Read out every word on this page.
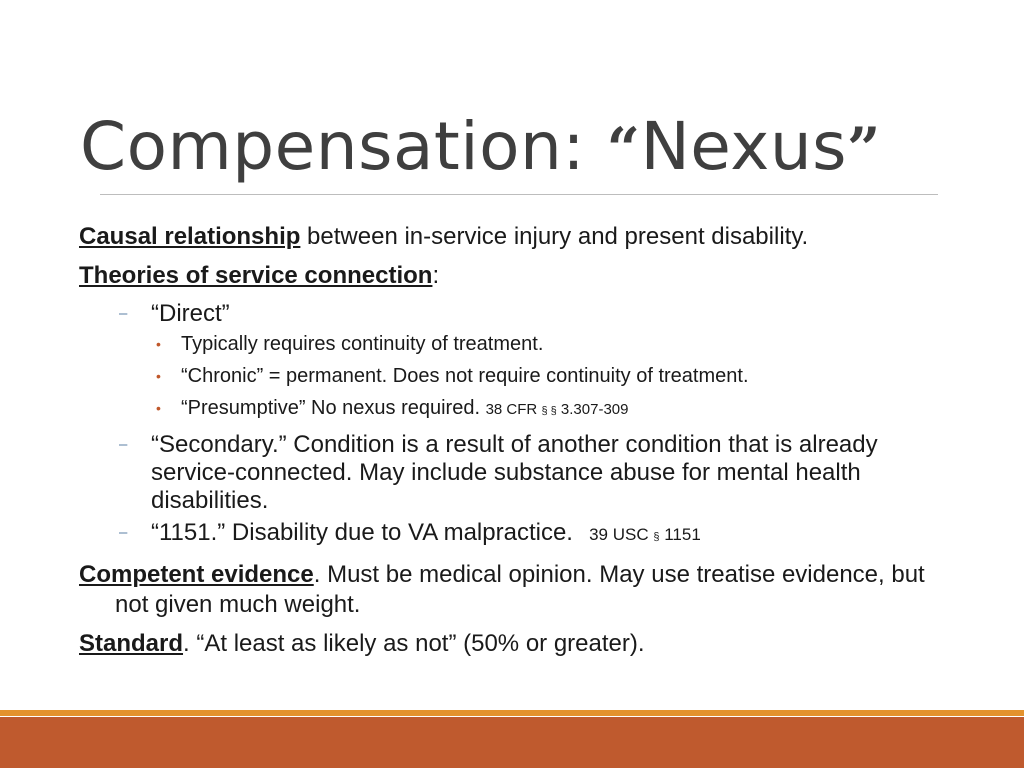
Compensation: “Nexus”
Causal relationship between in-service injury and present disability.
Theories of service connection:
– “Direct”
• Typically requires continuity of treatment.
• “Chronic” = permanent. Does not require continuity of treatment.
• “Presumptive” No nexus required. 38 CFR § § 3.307-309
– “Secondary.” Condition is a result of another condition that is already service-connected. May include substance abuse for mental health disabilities.
– “1151.” Disability due to VA malpractice. 39 USC § 1151
Competent evidence. Must be medical opinion. May use treatise evidence, but not given much weight.
Standard. “At least as likely as not” (50% or greater).
